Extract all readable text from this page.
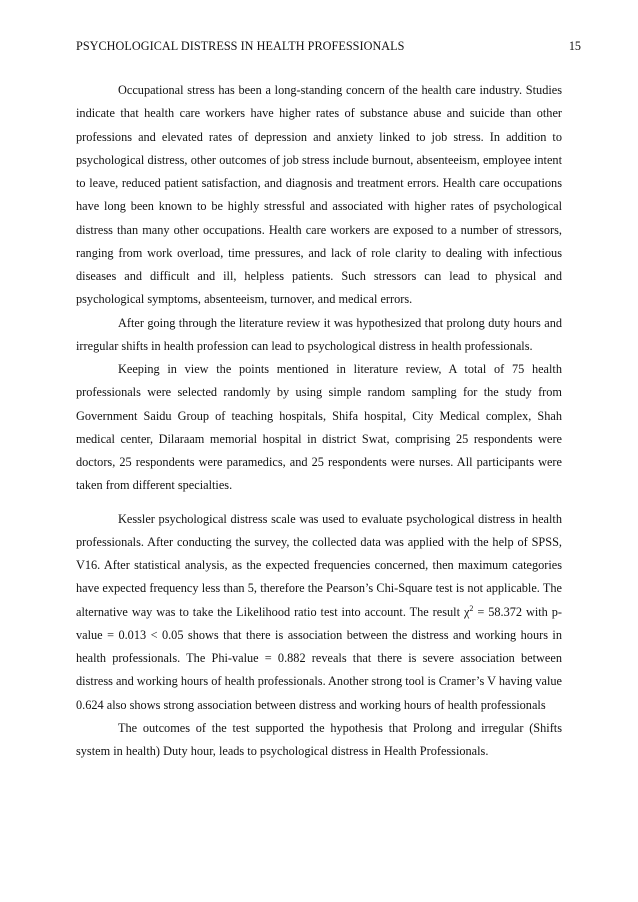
PSYCHOLOGICAL DISTRESS IN HEALTH PROFESSIONALS	15

Occupational stress has been a long-standing concern of the health care industry. Studies indicate that health care workers have higher rates of substance abuse and suicide than other professions and elevated rates of depression and anxiety linked to job stress. In addition to psychological distress, other outcomes of job stress include burnout, absenteeism, employee intent to leave, reduced patient satisfaction, and diagnosis and treatment errors. Health care occupations have long been known to be highly stressful and associated with higher rates of psychological distress than many other occupations. Health care workers are exposed to a number of stressors, ranging from work overload, time pressures, and lack of role clarity to dealing with infectious diseases and difficult and ill, helpless patients. Such stressors can lead to physical and psychological symptoms, absenteeism, turnover, and medical errors.

After going through the literature review it was hypothesized that prolong duty hours and irregular shifts in health profession can lead to psychological distress in health professionals.

Keeping in view the points mentioned in literature review, A total of 75 health professionals were selected randomly by using simple random sampling for the study from Government Saidu Group of teaching hospitals, Shifa hospital, City Medical complex, Shah medical center, Dilaraam memorial hospital in district Swat, comprising 25 respondents were doctors, 25 respondents were paramedics, and 25 respondents were nurses. All participants were taken from different specialties.

Kessler psychological distress scale was used to evaluate psychological distress in health professionals. After conducting the survey, the collected data was applied with the help of SPSS, V16. After statistical analysis, as the expected frequencies concerned, then maximum categories have expected frequency less than 5, therefore the Pearson’s Chi-Square test is not applicable. The alternative way was to take the Likelihood ratio test into account. The result $\chi^2 = 58.372$ with p-value = 0.013 < 0.05 shows that there is association between the distress and working hours in health professionals. The Phi-value = 0.882 reveals that there is severe association between distress and working hours of health professionals. Another strong tool is Cramer’s V having value 0.624 also shows strong association between distress and working hours of health professionals

The outcomes of the test supported the hypothesis that Prolong and irregular (Shifts system in health) Duty hour, leads to psychological distress in Health Professionals.
